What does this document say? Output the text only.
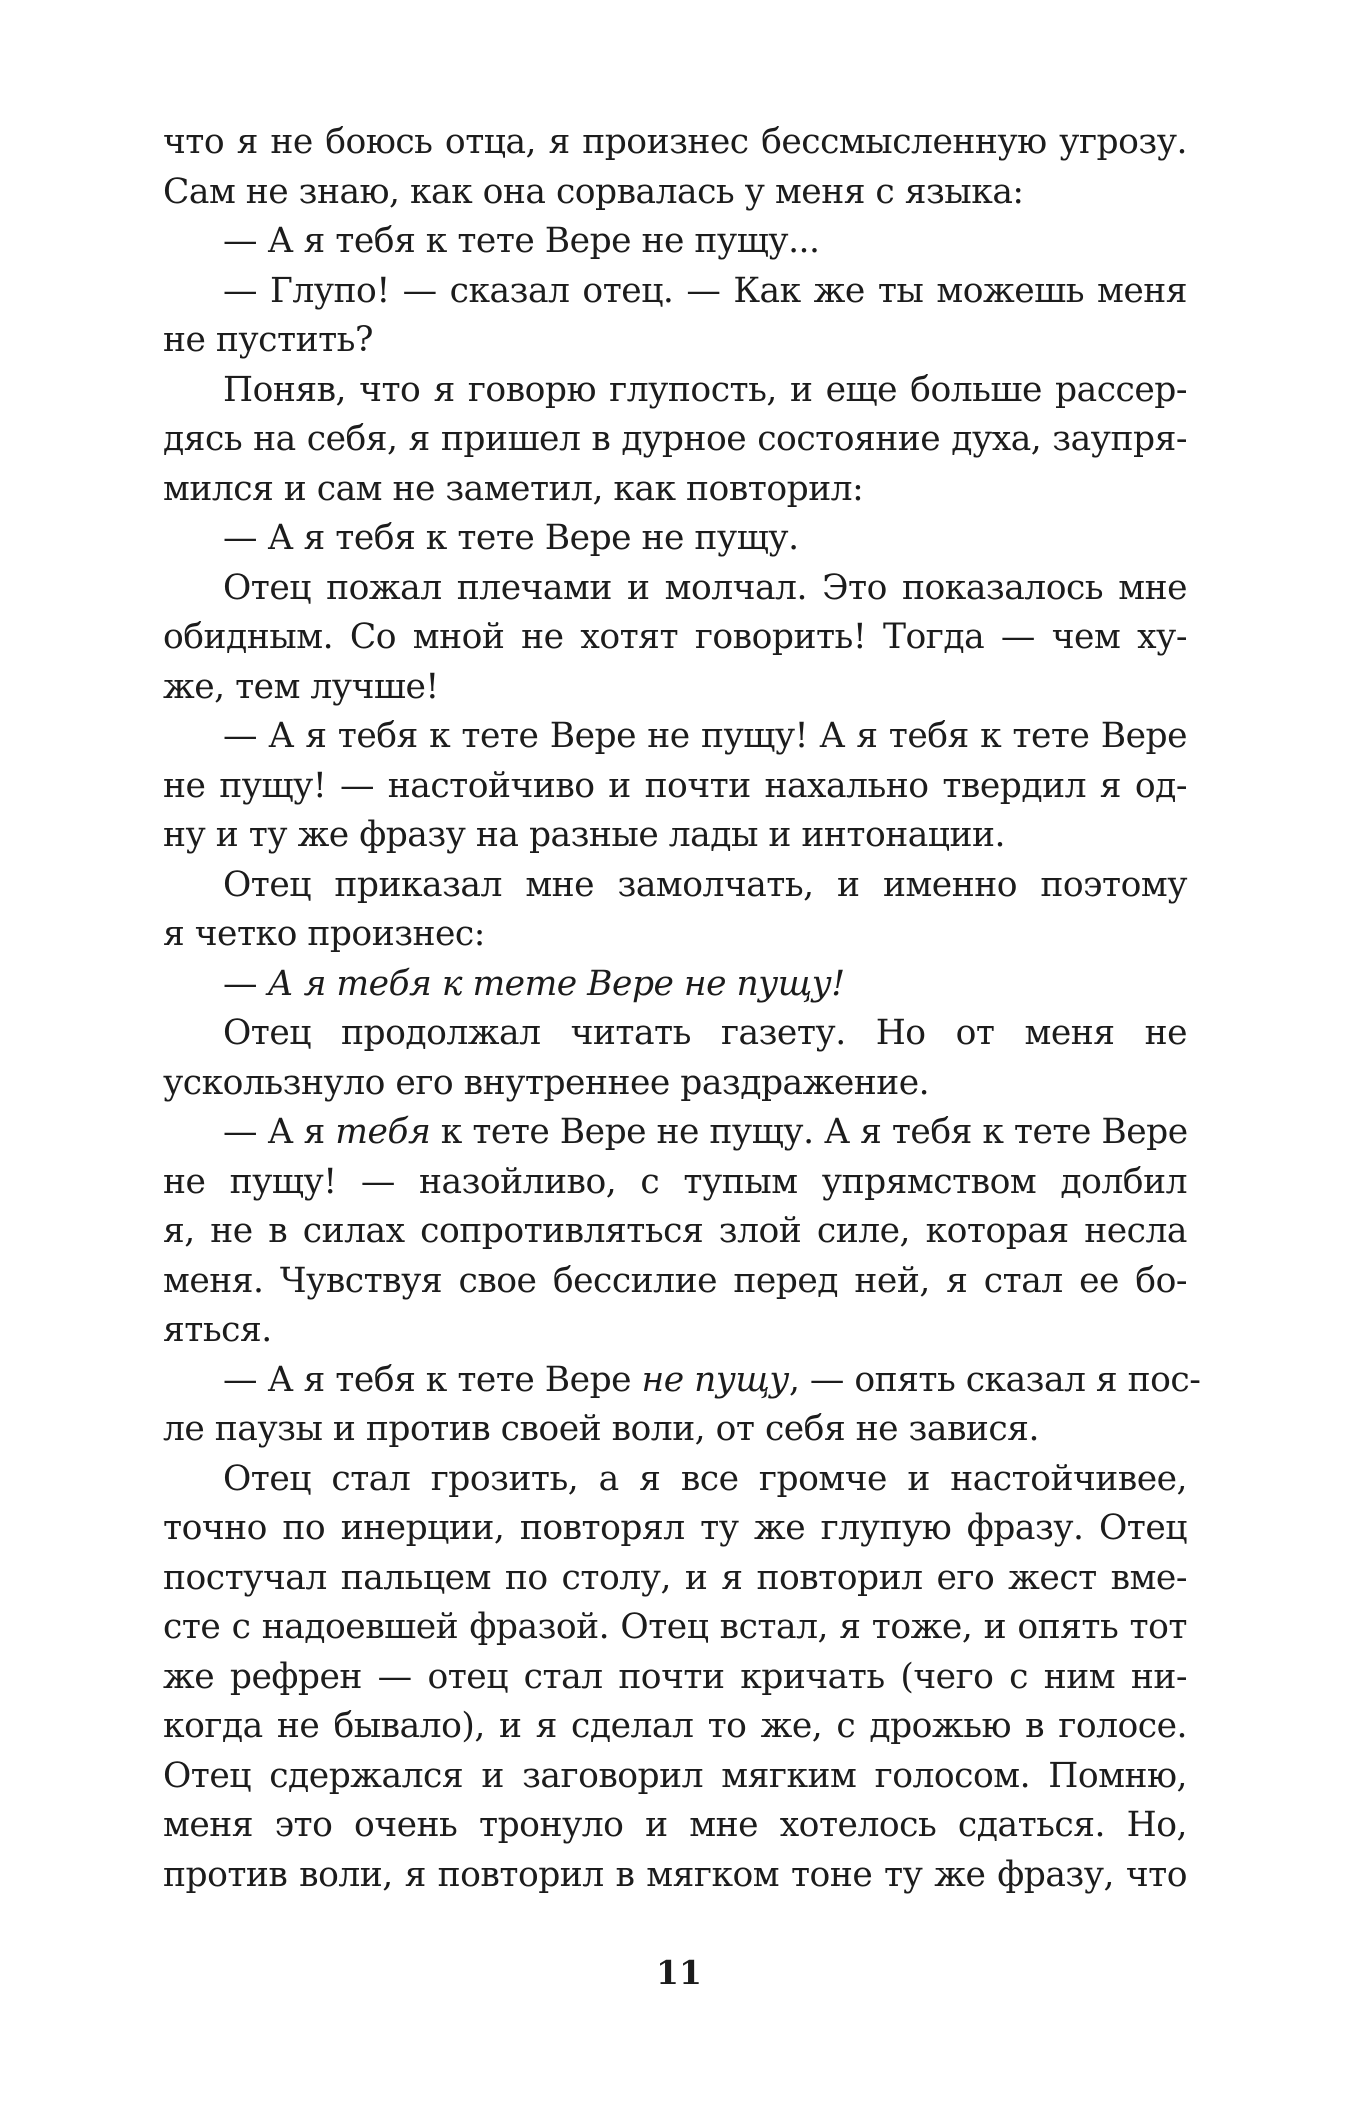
что я не боюсь отца, я произнес бессмысленную угрозу.
Сам не знаю, как она сорвалась у меня с языка:
— А я тебя к тете Вере не пущу...
— Глупо! — сказал отец. — Как же ты можешь меня
не пустить?
Поняв, что я говорю глупость, и еще больше рассер-
дясь на себя, я пришел в дурное состояние духа, заупря-
мился и сам не заметил, как повторил:
— А я тебя к тете Вере не пущу.
Отец пожал плечами и молчал. Это показалось мне
обидным. Со мной не хотят говорить! Тогда — чем ху-
же, тем лучше!
— А я тебя к тете Вере не пущу! А я тебя к тете Вере
не пущу! — настойчиво и почти нахально твердил я од-
ну и ту же фразу на разные лады и интонации.
Отец приказал мне замолчать, и именно поэтому
я четко произнес:
— А я тебя к тете Вере не пущу!
Отец продолжал читать газету. Но от меня не
ускользнуло его внутреннее раздражение.
— А я тебя к тете Вере не пущу. А я тебя к тете Вере
не пущу! — назойливо, с тупым упрямством долбил
я, не в силах сопротивляться злой силе, которая несла
меня. Чувствуя свое бессилие перед ней, я стал ее бо-
яться.
— А я тебя к тете Вере не пущу, — опять сказал я пос-
ле паузы и против своей воли, от себя не завися.
Отец стал грозить, а я все громче и настойчивее,
точно по инерции, повторял ту же глупую фразу. Отец
постучал пальцем по столу, и я повторил его жест вме-
сте с надоевшей фразой. Отец встал, я тоже, и опять тот
же рефрен — отец стал почти кричать (чего с ним ни-
когда не бывало), и я сделал то же, с дрожью в голосе.
Отец сдержался и заговорил мягким голосом. Помню,
меня это очень тронуло и мне хотелось сдаться. Но,
против воли, я повторил в мягком тоне ту же фразу, что
11
